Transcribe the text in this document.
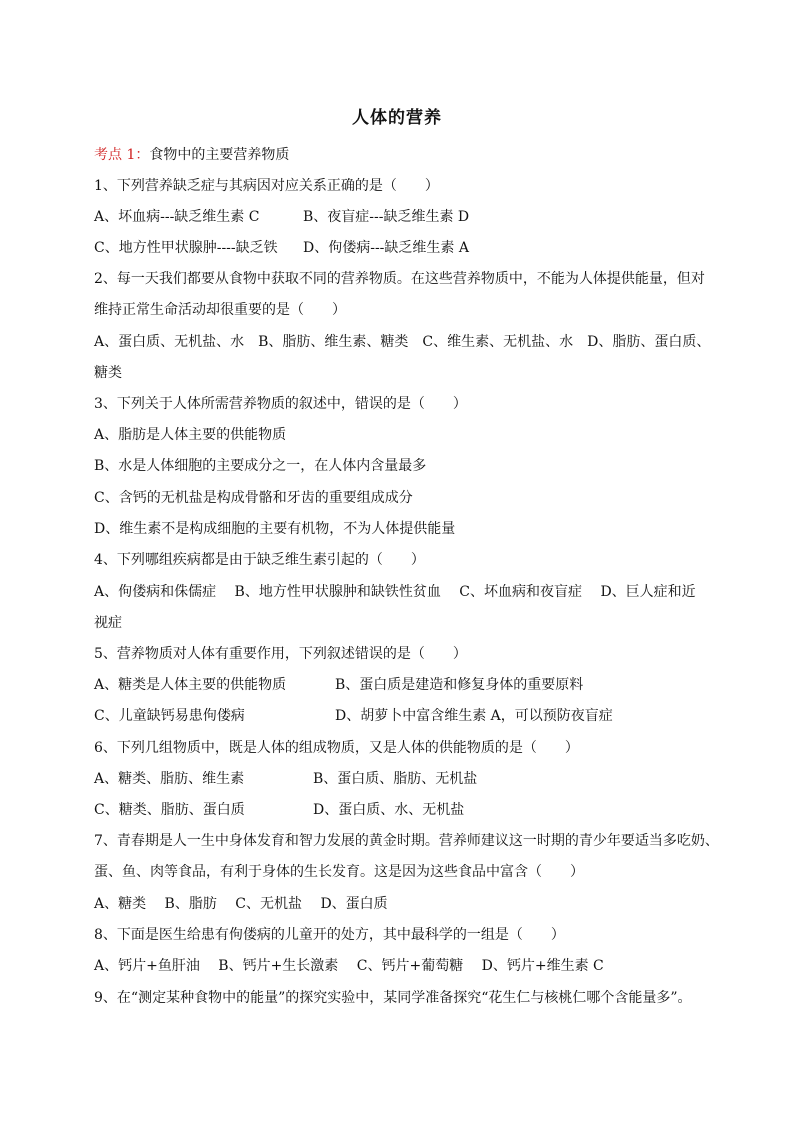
人体的营养
考点 1：食物中的主要营养物质
1、下列营养缺乏症与其病因对应关系正确的是（　　）
A、坏血病---缺乏维生素 C	B、夜盲症---缺乏维生素 D
C、地方性甲状腺肿----缺乏铁 D、佝偻病---缺乏维生素 A
2、每一天我们都要从食物中获取不同的营养物质。在这些营养物质中，不能为人体提供能量，但对
维持正常生命活动却很重要的是（　　）
A、蛋白质、无机盐、水　B、脂肪、维生素、糖类　C、维生素、无机盐、水　D、脂肪、蛋白质、
糖类
3、下列关于人体所需营养物质的叙述中，错误的是（　　）
A、脂肪是人体主要的供能物质
B、水是人体细胞的主要成分之一，在人体内含量最多
C、含钙的无机盐是构成骨骼和牙齿的重要组成成分
D、维生素不是构成细胞的主要有机物，不为人体提供能量
4、下列哪组疾病都是由于缺乏维生素引起的（　　）
A、佝偻病和侏儒症　 B、地方性甲状腺肿和缺铁性贫血　 C、坏血病和夜盲症　 D、巨人症和近
视症
5、营养物质对人体有重要作用，下列叙述错误的是（　　）
A、糖类是人体主要的供能物质	B、蛋白质是建造和修复身体的重要原料
C、儿童缺钙易患佝偻病	D、胡萝卜中富含维生素 A，可以预防夜盲症
6、下列几组物质中，既是人体的组成物质，又是人体的供能物质的是（　　）
A、糖类、脂肪、维生素	B、蛋白质、脂肪、无机盐
C、糖类、脂肪、蛋白质	D、蛋白质、水、无机盐
7、青春期是人一生中身体发育和智力发展的黄金时期。营养师建议这一时期的青少年要适当多吃奶、
蛋、鱼、肉等食品，有利于身体的生长发育。这是因为这些食品中富含（　　）
A、糖类　 B、脂肪　 C、无机盐　 D、蛋白质
8、下面是医生给患有佝偻病的儿童开的处方，其中最科学的一组是（　　）
A、钙片+鱼肝油　 B、钙片+生长激素　 C、钙片+葡萄糖　 D、钙片+维生素 C
9、在“测定某种食物中的能量”的探究实验中，某同学准备探究“花生仁与核桃仁哪个含能量多”。
